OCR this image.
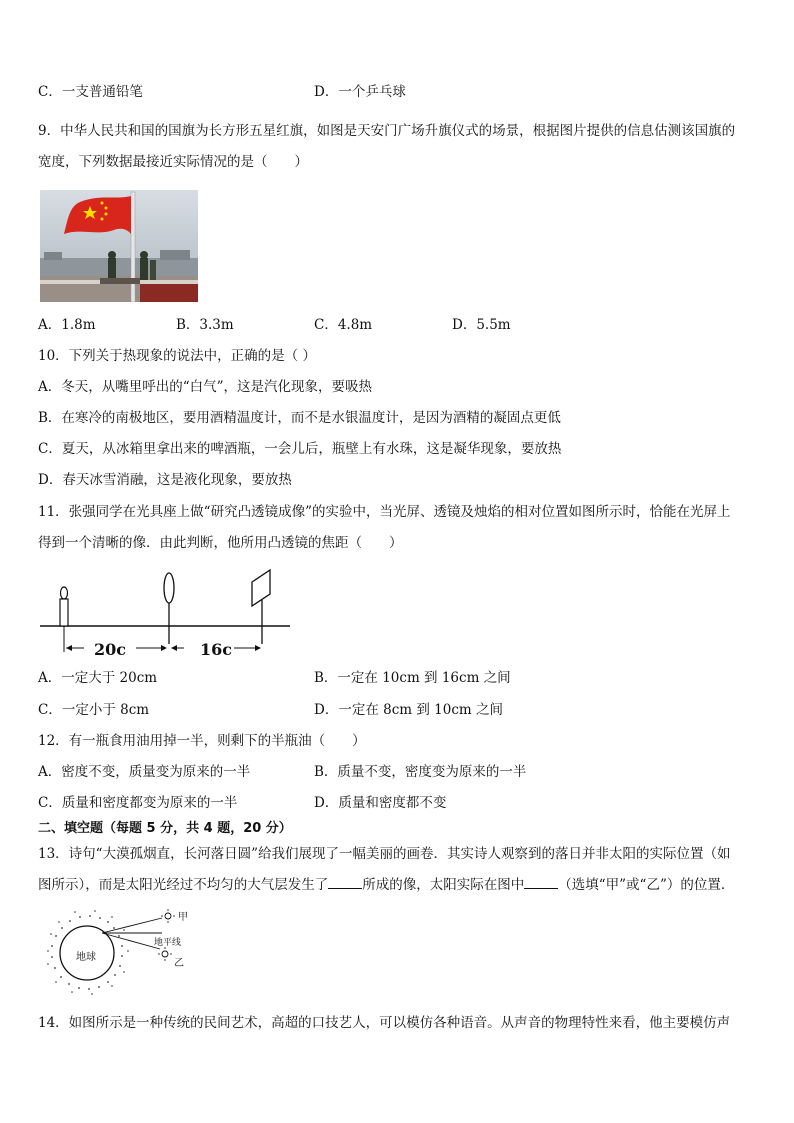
C．一支普通铅笔	D．一个乒乓球
9．中华人民共和国的国旗为长方形五星红旗，如图是天安门广场升旗仪式的场景，根据图片提供的信息估测该国旗的
宽度，下列数据最接近实际情况的是（　　）
A．1.8m	B．3.3m	C．4.8m	D．5.5m
10．下列关于热现象的说法中，正确的是（ ）
A．冬天，从嘴里呼出的“白气”，这是汽化现象，要吸热
B．在寒冷的南极地区，要用酒精温度计，而不是水银温度计，是因为酒精的凝固点更低
C．夏天，从冰箱里拿出来的啤酒瓶，一会儿后，瓶壁上有水珠，这是凝华现象，要放热
D．春天冰雪消融，这是液化现象，要放热
11．张强同学在光具座上做“研究凸透镜成像”的实验中，当光屏、透镜及烛焰的相对位置如图所示时，恰能在光屏上
得到一个清晰的像．由此判断，他所用凸透镜的焦距（　　）
20c	16c
A．一定大于 20cm	B．一定在 10cm 到 16cm 之间
C．一定小于 8cm	D．一定在 8cm 到 10cm 之间
12．有一瓶食用油用掉一半，则剩下的半瓶油（　　）
A．密度不变，质量变为原来的一半	B．质量不变，密度变为原来的一半
C．质量和密度都变为原来的一半	D．质量和密度都不变
二、填空题（每题 5 分，共 4 题，20 分）
13．诗句“大漠孤烟直，长河落日圆”给我们展现了一幅美丽的画卷．其实诗人观察到的落日并非太阳的实际位置（如
图所示），而是太阳光经过不均匀的大气层发生了	所成的像，太阳实际在图中	（选填“甲”或“乙”）的位置．
地球
甲
地平线
乙
14．如图所示是一种传统的民间艺术，高超的口技艺人，可以模仿各种语音。从声音的物理特性来看，他主要模仿声
